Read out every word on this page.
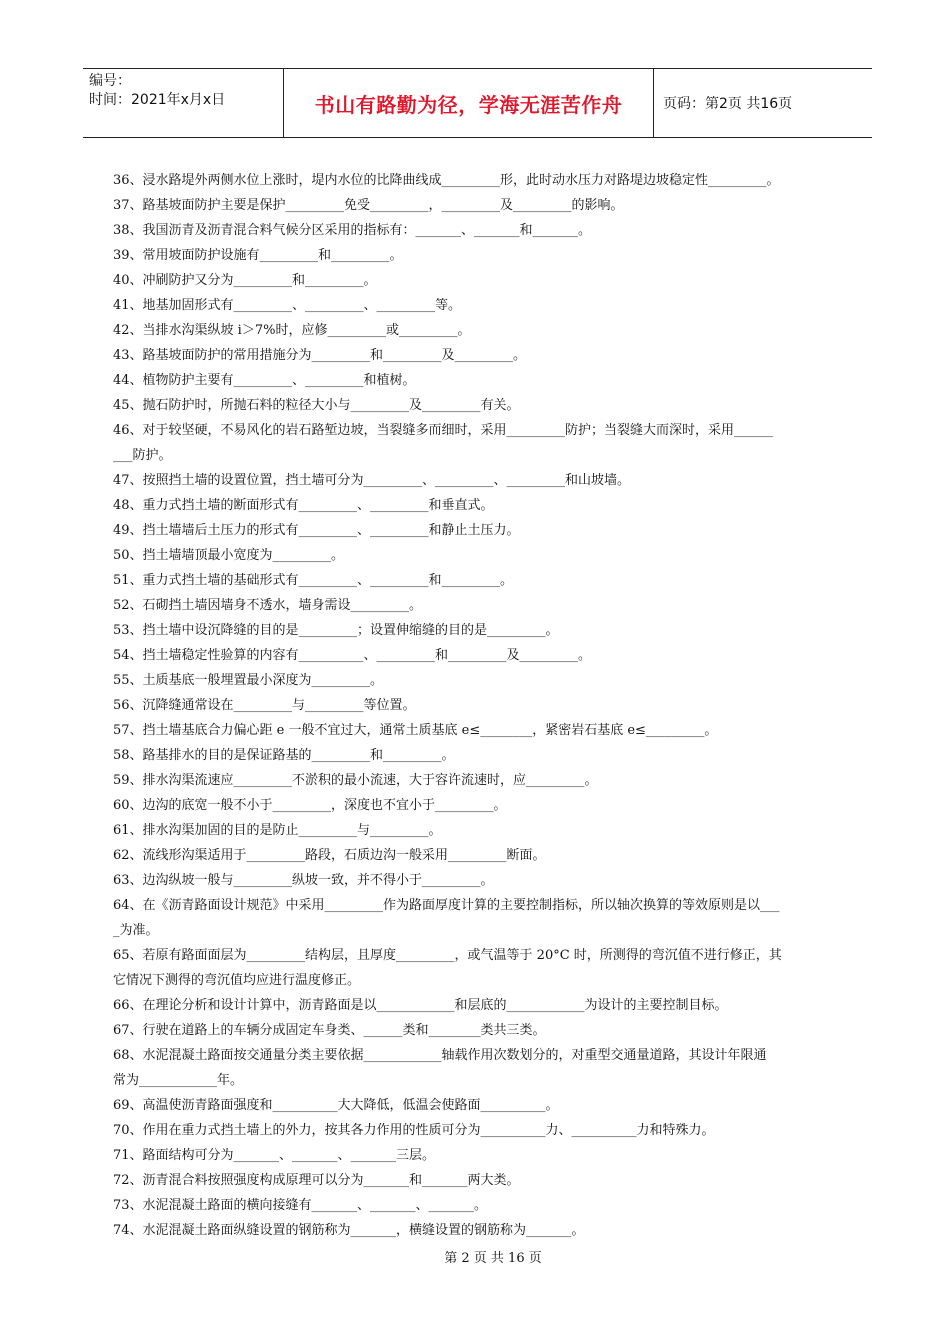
编号：
时间：2021年x月x日	书山有路勤为径，学海无涯苦作舟	页码：第2页 共16页
36、浸水路堤外两侧水位上涨时，堤内水位的比降曲线成_________形，此时动水压力对路堤边坡稳定性_________。
37、路基坡面防护主要是保护_________免受_________，_________及_________的影响。
38、我国沥青及沥青混合料气候分区采用的指标有：_______、_______和_______。
39、常用坡面防护设施有_________和_________。
40、冲刷防护又分为_________和_________。
41、地基加固形式有_________、_________、_________等。
42、当排水沟渠纵坡 i＞7%时，应修_________或_________。
43、路基坡面防护的常用措施分为_________和_________及_________。
44、植物防护主要有_________、_________和植树。
45、抛石防护时，所抛石料的粒径大小与_________及_________有关。
46、对于较坚硬，不易风化的岩石路堑边坡，当裂缝多而细时，采用_________防护；当裂缝大而深时，采用______
___防护。
47、按照挡土墙的设置位置，挡土墙可分为_________、_________、_________和山坡墙。
48、重力式挡土墙的断面形式有_________、_________和垂直式。
49、挡土墙墙后土压力的形式有_________、_________和静止土压力。
50、挡土墙墙顶最小宽度为_________。
51、重力式挡土墙的基础形式有_________、_________和_________。
52、石砌挡土墙因墙身不透水，墙身需设_________。
53、挡土墙中设沉降缝的目的是_________；设置伸缩缝的目的是_________。
54、挡土墙稳定性验算的内容有__________、_________和_________及_________。
55、土质基底一般埋置最小深度为_________。
56、沉降缝通常设在_________与_________等位置。
57、挡土墙基底合力偏心距 e 一般不宜过大，通常土质基底 e≤________，紧密岩石基底 e≤_________。
58、路基排水的目的是保证路基的_________和_________。
59、排水沟渠流速应_________不淤积的最小流速，大于容许流速时，应_________。
60、边沟的底宽一般不小于_________，深度也不宜小于_________。
61、排水沟渠加固的目的是防止_________与_________。
62、流线形沟渠适用于_________路段，石质边沟一般采用_________断面。
63、边沟纵坡一般与_________纵坡一致，并不得小于_________。
64、在《沥青路面设计规范》中采用_________作为路面厚度计算的主要控制指标，所以轴次换算的等效原则是以___
_为准。
65、若原有路面面层为_________结构层，且厚度_________，或气温等于 20°C 时，所测得的弯沉值不进行修正，其
它情况下测得的弯沉值均应进行温度修正。
66、在理论分析和设计计算中，沥青路面是以____________和层底的____________为设计的主要控制目标。
67、行驶在道路上的车辆分成固定车身类、______类和________类共三类。
68、水泥混凝土路面按交通量分类主要依据____________轴载作用次数划分的，对重型交通量道路，其设计年限通
常为____________年。
69、高温使沥青路面强度和__________大大降低，低温会使路面__________。
70、作用在重力式挡土墙上的外力，按其各力作用的性质可分为__________力、__________力和特殊力。
71、路面结构可分为_______、_______、_______三层。
72、沥青混合料按照强度构成原理可以分为_______和_______两大类。
73、水泥混凝土路面的横向接缝有_______、_______、_______。
74、水泥混凝土路面纵缝设置的钢筋称为_______，横缝设置的钢筋称为_______。
第 2 页 共 16 页
